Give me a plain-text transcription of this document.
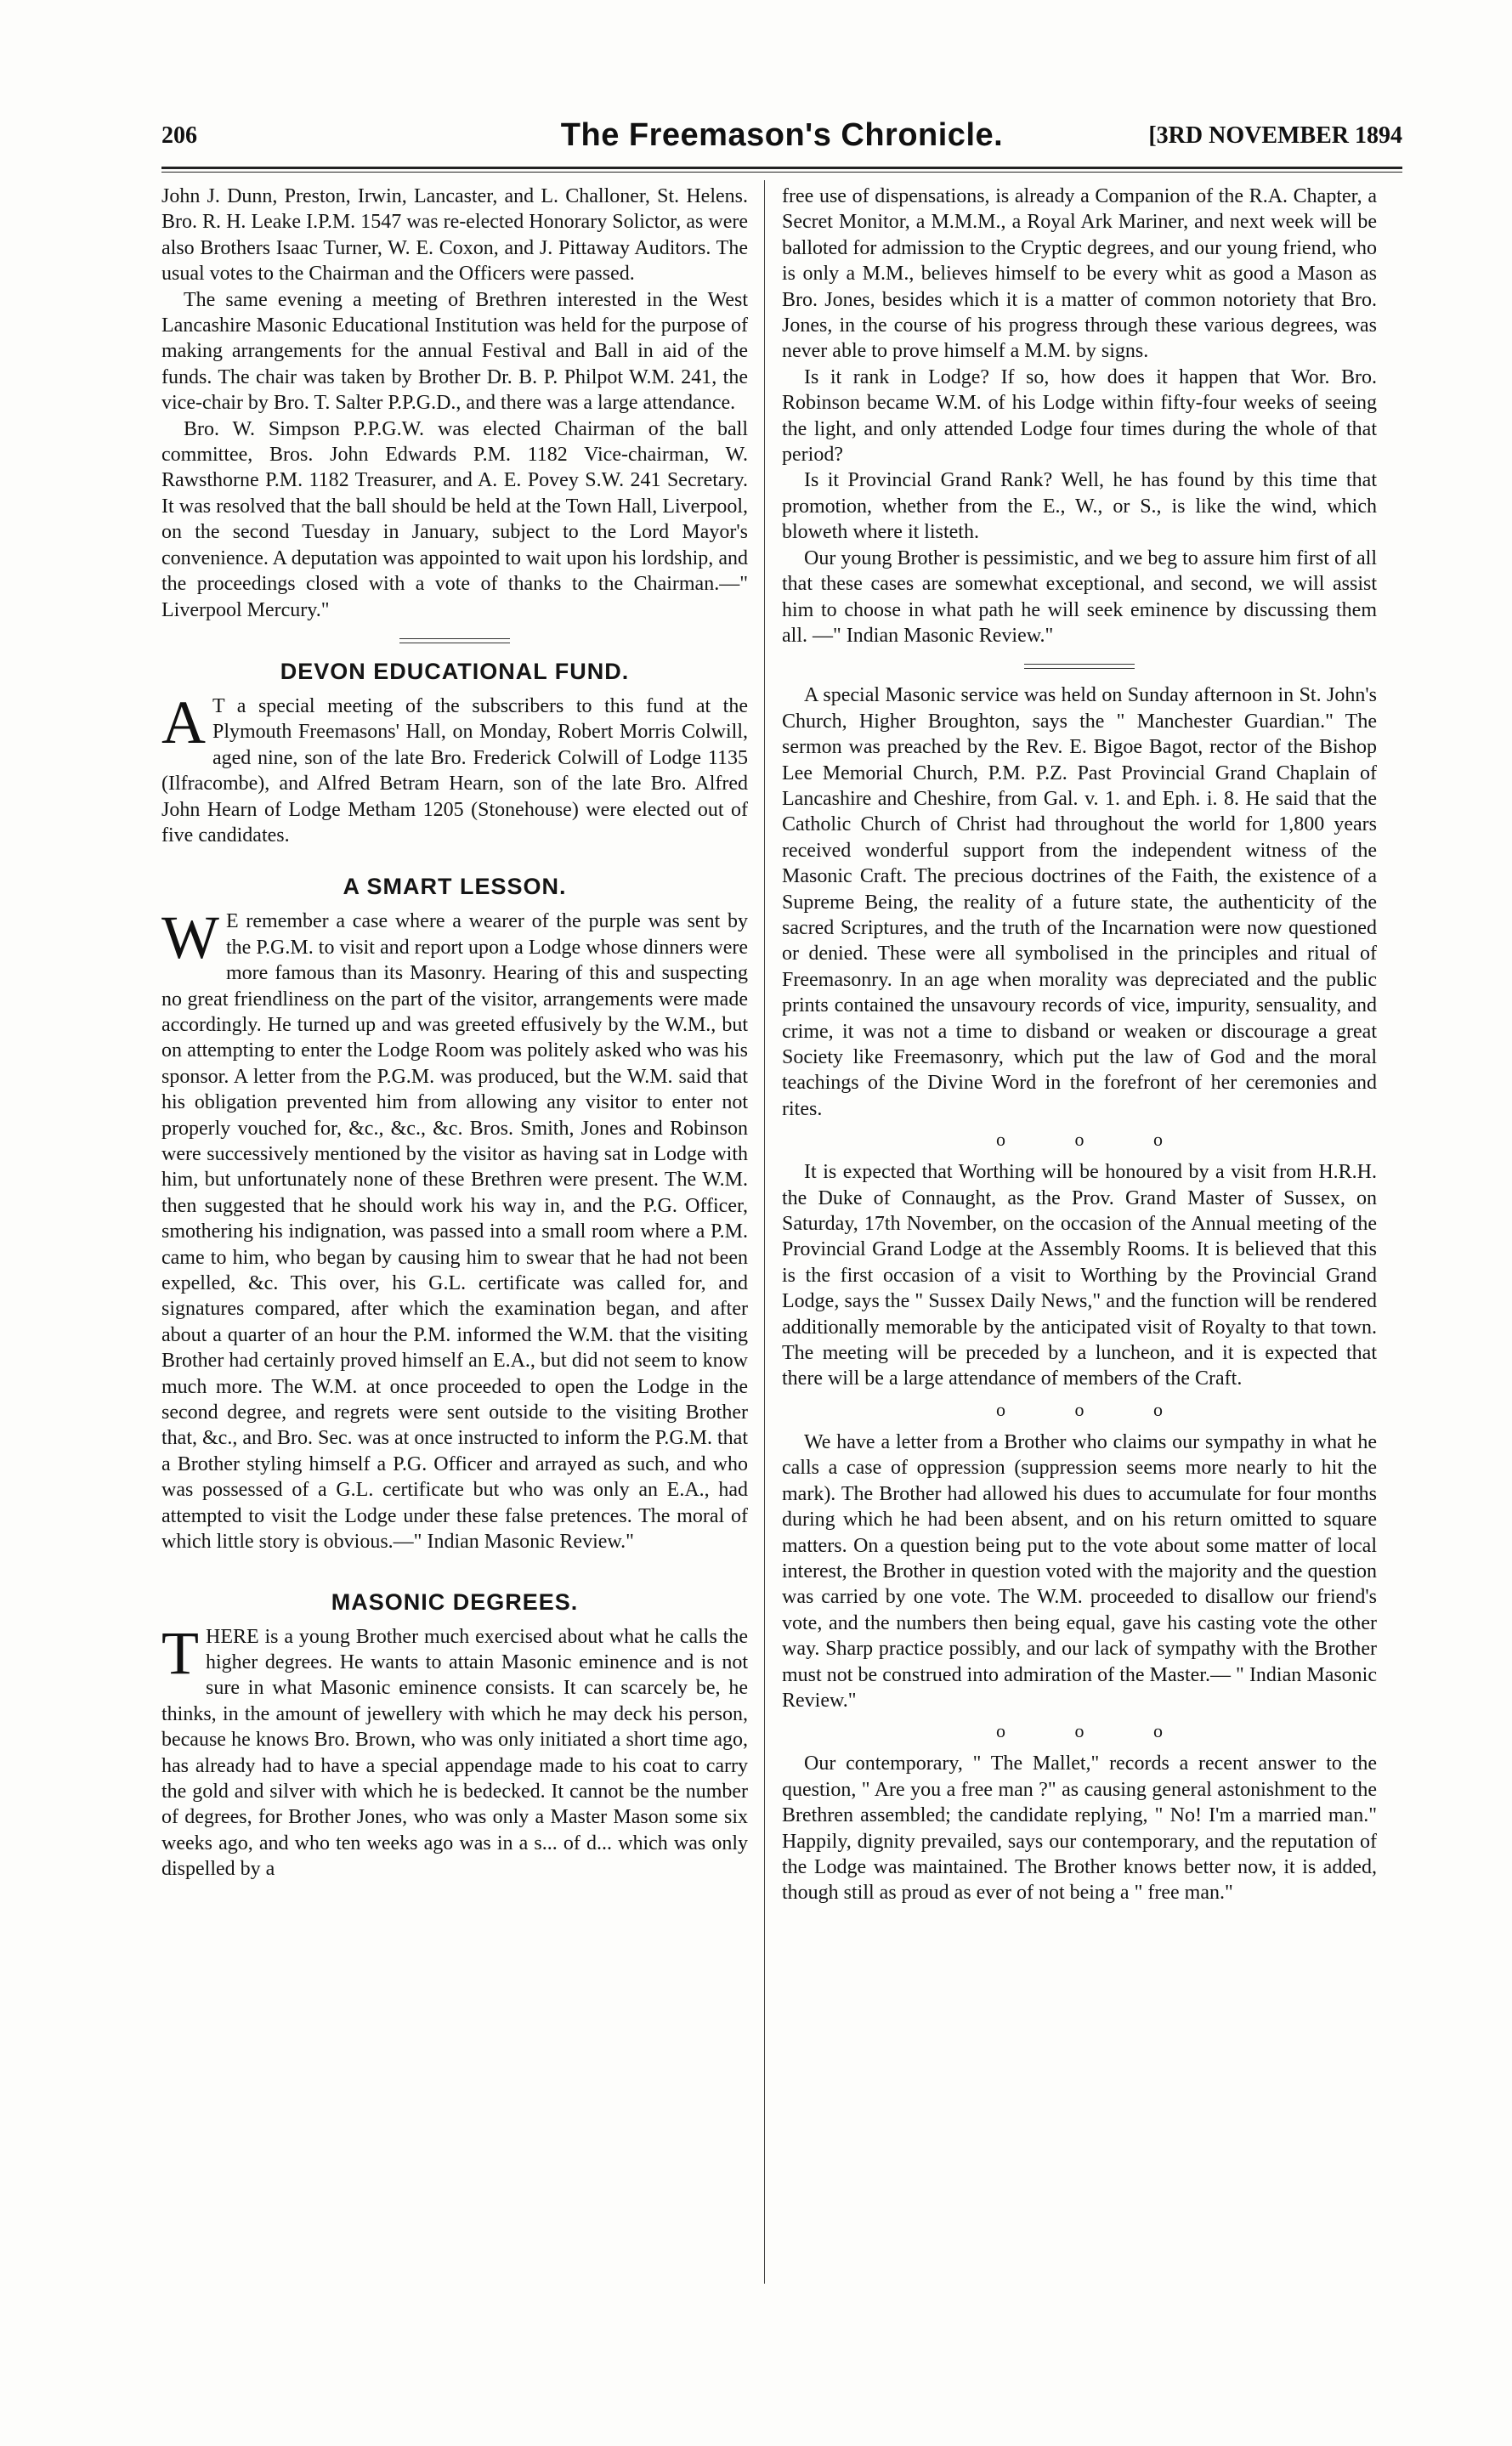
206	The Freemason's Chronicle.	[3RD NOVEMBER 1894

John J. Dunn, Preston, Irwin, Lancaster, and L. Challoner, St. Helens. Bro. R. H. Leake I.P.M. 1547 was re-elected Honorary Solictor, as were also Brothers Isaac Turner, W. E. Coxon, and J. Pittaway Auditors. The usual votes to the Chairman and the Officers were passed.

The same evening a meeting of Brethren interested in the West Lancashire Masonic Educational Institution was held for the purpose of making arrangements for the annual Festival and Ball in aid of the funds. The chair was taken by Brother Dr. B. P. Philpot W.M. 241, the vice-chair by Bro. T. Salter P.P.G.D., and there was a large attendance.

Bro. W. Simpson P.P.G.W. was elected Chairman of the ball committee, Bros. John Edwards P.M. 1182 Vice-chairman, W. Rawsthorne P.M. 1182 Treasurer, and A. E. Povey S.W. 241 Secretary. It was resolved that the ball should be held at the Town Hall, Liverpool, on the second Tuesday in January, subject to the Lord Mayor's convenience. A deputation was appointed to wait upon his lordship, and the proceedings closed with a vote of thanks to the Chairman.—" Liverpool Mercury."

DEVON EDUCATIONAL FUND.

A T a special meeting of the subscribers to this fund at the Plymouth Freemasons' Hall, on Monday, Robert Morris Colwill, aged nine, son of the late Bro. Frederick Colwill of Lodge 1135 (Ilfracombe), and Alfred Betram Hearn, son of the late Bro. Alfred John Hearn of Lodge Metham 1205 (Stonehouse) were elected out of five candidates.

A SMART LESSON.

W E remember a case where a wearer of the purple was sent by the P.G.M. to visit and report upon a Lodge whose dinners were more famous than its Masonry. Hearing of this and suspecting no great friendliness on the part of the visitor, arrangements were made accordingly. He turned up and was greeted effusively by the W.M., but on attempting to enter the Lodge Room was politely asked who was his sponsor. A letter from the P.G.M. was produced, but the W.M. said that his obligation prevented him from allowing any visitor to enter not properly vouched for, &c., &c., &c. Bros. Smith, Jones and Robinson were successively mentioned by the visitor as having sat in Lodge with him, but unfortunately none of these Brethren were present. The W.M. then suggested that he should work his way in, and the P.G. Officer, smothering his indignation, was passed into a small room where a P.M. came to him, who began by causing him to swear that he had not been expelled, &c. This over, his G.L. certificate was called for, and signatures compared, after which the examination began, and after about a quarter of an hour the P.M. informed the W.M. that the visiting Brother had certainly proved himself an E.A., but did not seem to know much more. The W.M. at once proceeded to open the Lodge in the second degree, and regrets were sent outside to the visiting Brother that, &c., and Bro. Sec. was at once instructed to inform the P.G.M. that a Brother styling himself a P.G. Officer and arrayed as such, and who was possessed of a G.L. certificate but who was only an E.A., had attempted to visit the Lodge under these false pretences. The moral of which little story is obvious.—" Indian Masonic Review."

MASONIC DEGREES.

THERE is a young Brother much exercised about what he calls the higher degrees. He wants to attain Masonic eminence and is not sure in what Masonic eminence consists. It can scarcely be, he thinks, in the amount of jewellery with which he may deck his person, because he knows Bro. Brown, who was only initiated a short time ago, has already had to have a special appendage made to his coat to carry the gold and silver with which he is bedecked. It cannot be the number of degrees, for Brother Jones, who was only a Master Mason some six weeks ago, and who ten weeks ago was in a s... of d... which was only dispelled by a

free use of dispensations, is already a Companion of the R.A. Chapter, a Secret Monitor, a M.M.M., a Royal Ark Mariner, and next week will be balloted for admission to the Cryptic degrees, and our young friend, who is only a M.M., believes himself to be every whit as good a Mason as Bro. Jones, besides which it is a matter of common notoriety that Bro. Jones, in the course of his progress through these various degrees, was never able to prove himself a M.M. by signs.

Is it rank in Lodge? If so, how does it happen that Wor. Bro. Robinson became W.M. of his Lodge within fifty-four weeks of seeing the light, and only attended Lodge four times during the whole of that period?

Is it Provincial Grand Rank? Well, he has found by this time that promotion, whether from the E., W., or S., is like the wind, which bloweth where it listeth.

Our young Brother is pessimistic, and we beg to assure him first of all that these cases are somewhat exceptional, and second, we will assist him to choose in what path he will seek eminence by discussing them all. —" Indian Masonic Review."

A special Masonic service was held on Sunday afternoon in St. John's Church, Higher Broughton, says the " Manchester Guardian." The sermon was preached by the Rev. E. Bigoe Bagot, rector of the Bishop Lee Memorial Church, P.M. P.Z. Past Provincial Grand Chaplain of Lancashire and Cheshire, from Gal. v. 1. and Eph. i. 8. He said that the Catholic Church of Christ had throughout the world for 1,800 years received wonderful support from the independent witness of the Masonic Craft. The precious doctrines of the Faith, the existence of a Supreme Being, the reality of a future state, the authenticity of the sacred Scriptures, and the truth of the Incarnation were now questioned or denied. These were all symbolised in the principles and ritual of Freemasonry. In an age when morality was depreciated and the public prints contained the unsavoury records of vice, impurity, sensuality, and crime, it was not a time to disband or weaken or discourage a great Society like Freemasonry, which put the law of God and the moral teachings of the Divine Word in the forefront of her ceremonies and rites.

o o o

It is expected that Worthing will be honoured by a visit from H.R.H. the Duke of Connaught, as the Prov. Grand Master of Sussex, on Saturday, 17th November, on the occasion of the Annual meeting of the Provincial Grand Lodge at the Assembly Rooms. It is believed that this is the first occasion of a visit to Worthing by the Provincial Grand Lodge, says the " Sussex Daily News," and the function will be rendered additionally memorable by the anticipated visit of Royalty to that town. The meeting will be preceded by a luncheon, and it is expected that there will be a large attendance of members of the Craft.

o o o

We have a letter from a Brother who claims our sympathy in what he calls a case of oppression (suppression seems more nearly to hit the mark). The Brother had allowed his dues to accumulate for four months during which he had been absent, and on his return omitted to square matters. On a question being put to the vote about some matter of local interest, the Brother in question voted with the majority and the question was carried by one vote. The W.M. proceeded to disallow our friend's vote, and the numbers then being equal, gave his casting vote the other way. Sharp practice possibly, and our lack of sympathy with the Brother must not be construed into admiration of the Master.— " Indian Masonic Review."

o o o

Our contemporary, " The Mallet," records a recent answer to the question, " Are you a free man ?" as causing general astonishment to the Brethren assembled; the candidate replying, " No! I'm a married man." Happily, dignity prevailed, says our contemporary, and the reputation of the Lodge was maintained. The Brother knows better now, it is added, though still as proud as ever of not being a " free man."
